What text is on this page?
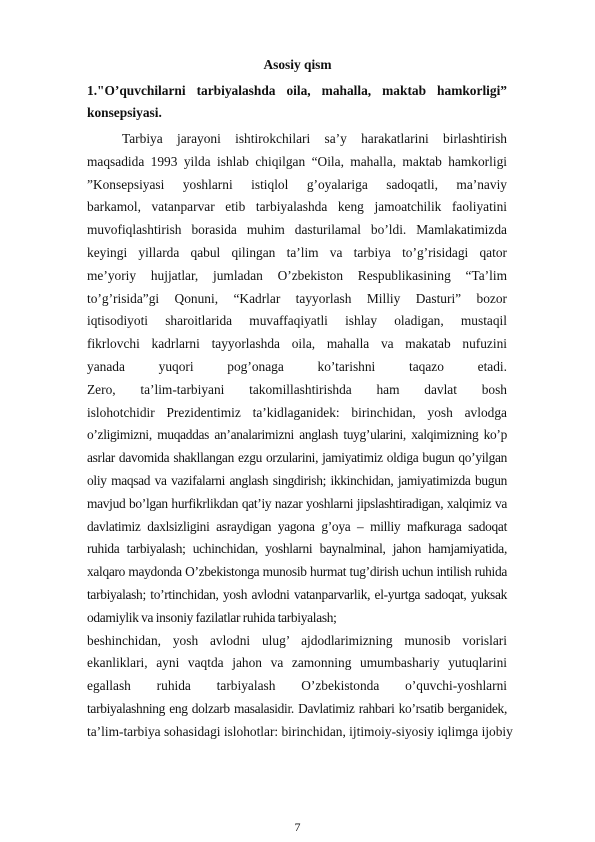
Asosiy qism
1."O’quvchilarni tarbiyalashda oila, mahalla, maktab hamkorligi”
konsepsiyasi.
Tarbiya jarayoni ishtirokchilari sa’y harakatlarini birlashtirish
maqsadida 1993 yilda ishlab chiqilgan “Oila, mahalla, maktab hamkorligi
”Konsepsiyasi yoshlarni istiqlol g’oyalariga sadoqatli, ma’naviy
barkamol, vatanparvar etib tarbiyalashda keng jamoatchilik faoliyatini
muvofiqlashtirish borasida muhim dasturilamal bo’ldi. Mamlakatimizda
keyingi yillarda qabul qilingan ta’lim va tarbiya to’g’risidagi qator
me’yoriy hujjatlar, jumladan O’zbekiston Respublikasining “Ta’lim
to’g’risida”gi Qonuni, “Kadrlar tayyorlash Milliy Dasturi” bozor
iqtisodiyoti sharoitlarida muvaffaqiyatli ishlay oladigan, mustaqil
fikrlovchi kadrlarni tayyorlashda oila, mahalla va makatab nufuzini
yanada yuqori pog’onaga ko’tarishni taqazo etadi.
Zero, ta’lim-tarbiyani takomillashtirishda ham davlat bosh
islohotchidir Prezidentimiz ta’kidlaganidek: birinchidan, yosh avlodga
o’zligimizni, muqaddas an’analarimizni anglash tuyg’ularini, xalqimizning ko’p
asrlar davomida shakllangan ezgu orzularini, jamiyatimiz oldiga bugun qo’yilgan
oliy maqsad va vazifalarni anglash singdirish; ikkinchidan, jamiyatimizda bugun
mavjud bo’lgan hurfikrlikdan qat’iy nazar yoshlarni jipslashtiradigan, xalqimiz va
davlatimiz daxlsizligini asraydigan yagona g’oya – milliy mafkuraga sadoqat
ruhida tarbiyalash; uchinchidan, yoshlarni baynalminal, jahon hamjamiyatida,
xalqaro maydonda O’zbekistonga munosib hurmat tug’dirish uchun intilish ruhida
tarbiyalash; to’rtinchidan, yosh avlodni vatanparvarlik, el-yurtga sadoqat, yuksak
odamiylik va insoniy fazilatlar ruhida tarbiyalash;
beshinchidan, yosh avlodni ulug’ ajdodlarimizning munosib vorislari
ekanliklari, ayni vaqtda jahon va zamonning umumbashariy yutuqlarini
egallash ruhida tarbiyalash O’zbekistonda o’quvchi-yoshlarni
tarbiyalashning eng dolzarb masalasidir. Davlatimiz rahbari ko’rsatib berganidek,
ta’lim-tarbiya sohasidagi islohotlar: birinchidan, ijtimoiy-siyosiy iqlimga ijobiy
7
